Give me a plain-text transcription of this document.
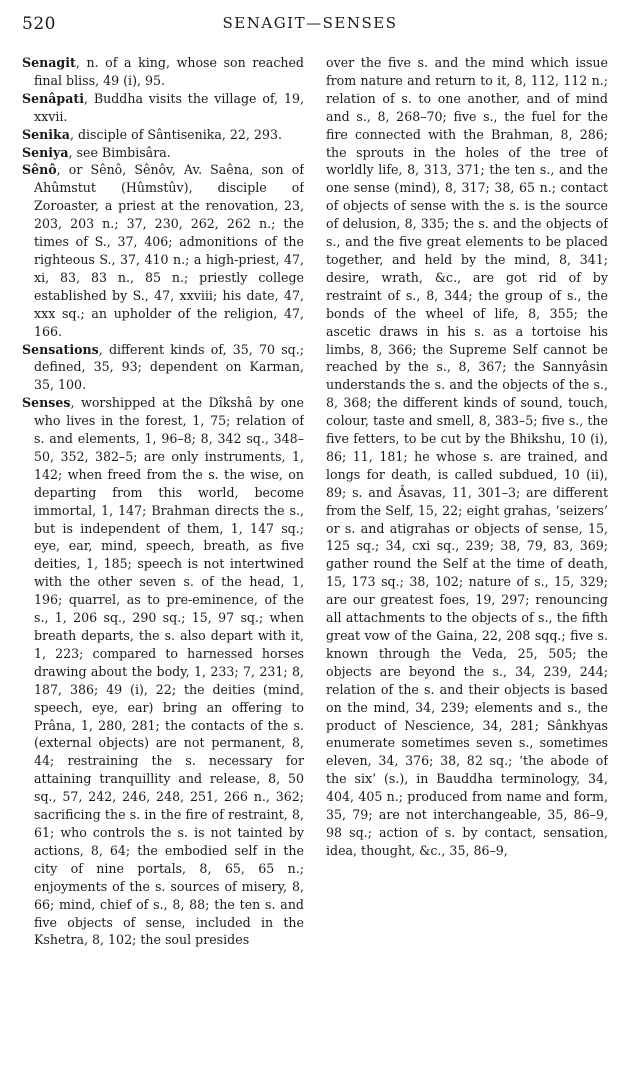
520	SENAGIT—SENSES

Senagit, n. of a king, whose son reached final bliss, 49 (i), 95.

Senâpati, Buddha visits the village of, 19, xxvii.

Senika, disciple of Sântisenika, 22, 293.

Seniya, see Bimbisâra.

Sênô, or Sênô, Sênôv, Av. Saêna, son of Ahûmstut (Hûmstûv), disciple of Zoroaster, a priest at the renovation, 23, 203, 203 n.; 37, 230, 262, 262 n.; the times of S., 37, 406; admonitions of the righteous S., 37, 410 n.; a high-priest, 47, xi, 83, 83 n., 85 n.; priestly college established by S., 47, xxviii; his date, 47, xxx sq.; an upholder of the religion, 47, 166.

Sensations, different kinds of, 35, 70 sq.; defined, 35, 93; dependent on Karman, 35, 100.

Senses, worshipped at the Dîkshâ by one who lives in the forest, 1, 75; relation of s. and elements, 1, 96–8; 8, 342 sq., 348–50, 352, 382–5; are only instruments, 1, 142; when freed from the s. the wise, on departing from this world, become immortal, 1, 147; Brahman directs the s., but is independent of them, 1, 147 sq.; eye, ear, mind, speech, breath, as five deities, 1, 185; speech is not intertwined with the other seven s. of the head, 1, 196; quarrel, as to pre-eminence, of the s., 1, 206 sq., 290 sq.; 15, 97 sq.; when breath departs, the s. also depart with it, 1, 223; compared to harnessed horses drawing about the body, 1, 233; 7, 231; 8, 187, 386; 49 (i), 22; the deities (mind, speech, eye, ear) bring an offering to Prâna, 1, 280, 281; the contacts of the s. (external objects) are not permanent, 8, 44; restraining the s. necessary for attaining tranquillity and release, 8, 50 sq., 57, 242, 246, 248, 251, 266 n., 362; sacrificing the s. in the fire of restraint, 8, 61; who controls the s. is not tainted by actions, 8, 64; the embodied self in the city of nine portals, 8, 65, 65 n.; enjoyments of the s. sources of misery, 8, 66; mind, chief of s., 8, 88; the ten s. and five objects of sense, included in the Kshetra, 8, 102; the soul presides

over the five s. and the mind which issue from nature and return to it, 8, 112, 112 n.; relation of s. to one another, and of mind and s., 8, 268–70; five s., the fuel for the fire connected with the Brahman, 8, 286; the sprouts in the holes of the tree of worldly life, 8, 313, 371; the ten s., and the one sense (mind), 8, 317; 38, 65 n.; contact of objects of sense with the s. is the source of delusion, 8, 335; the s. and the objects of s., and the five great elements to be placed together, and held by the mind, 8, 341; desire, wrath, &c., are got rid of by restraint of s., 8, 344; the group of s., the bonds of the wheel of life, 8, 355; the ascetic draws in his s. as a tortoise his limbs, 8, 366; the Supreme Self cannot be reached by the s., 8, 367; the Sannyâsin understands the s. and the objects of the s., 8, 368; the different kinds of sound, touch, colour, taste and smell, 8, 383–5; five s., the five fetters, to be cut by the Bhikshu, 10 (i), 86; 11, 181; he whose s. are trained, and longs for death, is called subdued, 10 (ii), 89; s. and Âsavas, 11, 301–3; are different from the Self, 15, 22; eight grahas, ‘seizers’ or s. and atigrahas or objects of sense, 15, 125 sq.; 34, cxi sq., 239; 38, 79, 83, 369; gather round the Self at the time of death, 15, 173 sq.; 38, 102; nature of s., 15, 329; are our greatest foes, 19, 297; renouncing all attachments to the objects of s., the fifth great vow of the Gaina, 22, 208 sqq.; five s. known through the Veda, 25, 505; the objects are beyond the s., 34, 239, 244; relation of the s. and their objects is based on the mind, 34, 239; elements and s., the product of Nescience, 34, 281; Sânkhyas enumerate sometimes seven s., sometimes eleven, 34, 376; 38, 82 sq.; ‘the abode of the six’ (s.), in Bauddha terminology, 34, 404, 405 n.; produced from name and form, 35, 79; are not interchangeable, 35, 86–9, 98 sq.; action of s. by contact, sensation, idea, thought, &c., 35, 86–9,
